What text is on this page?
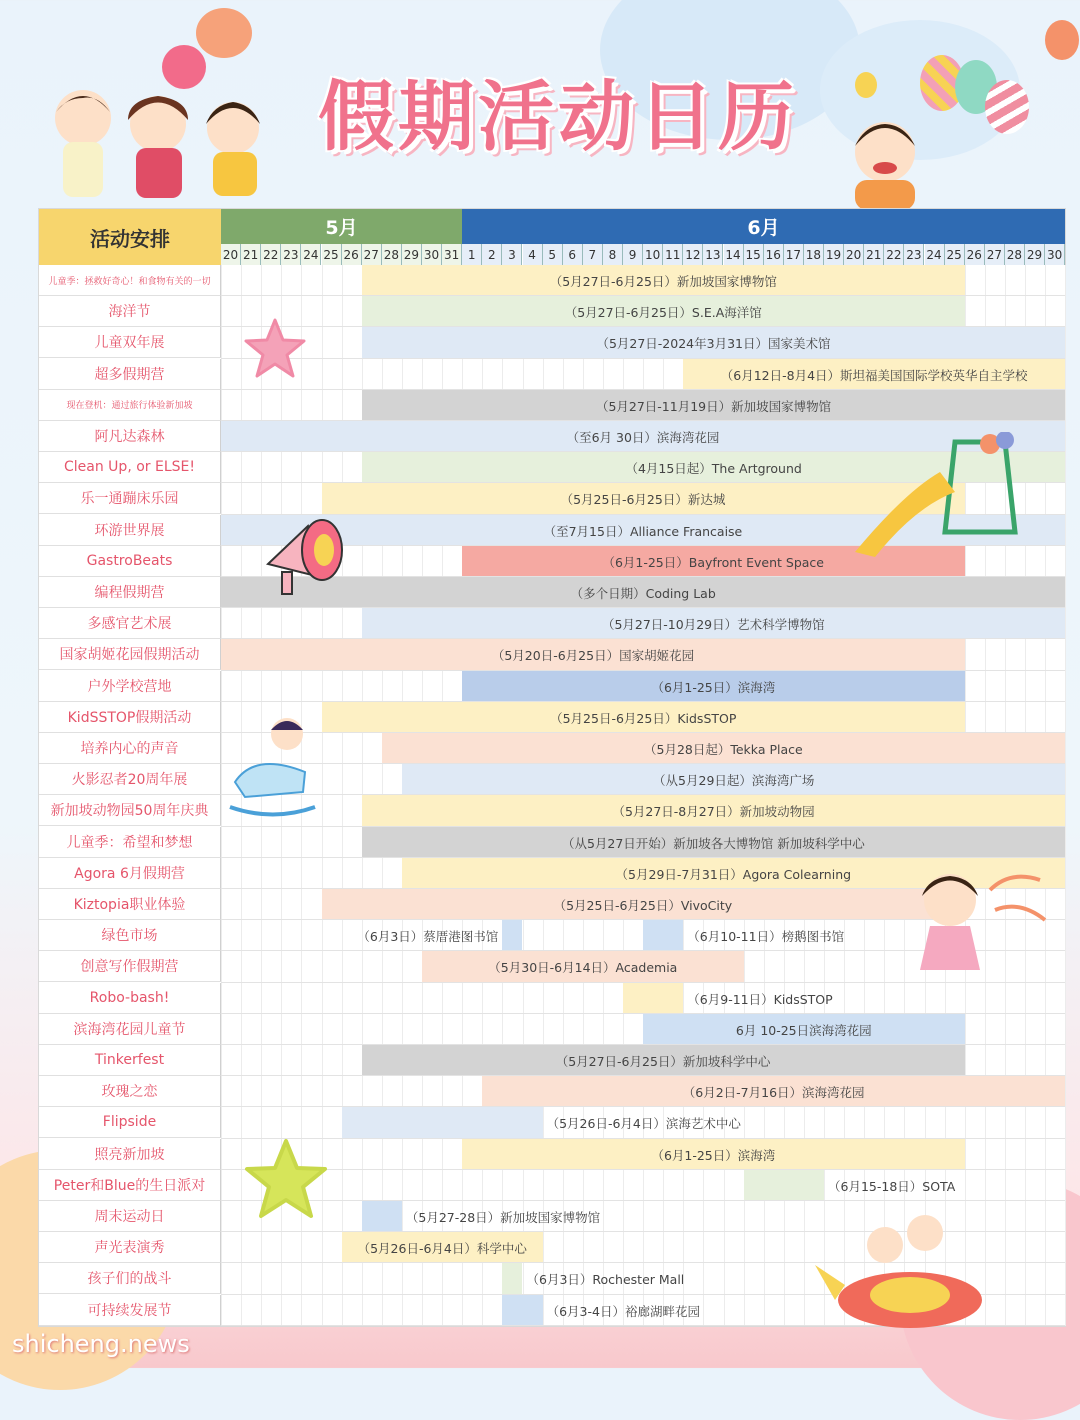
假期活动日历
活动安排	5月	6月
20 21 22 23 24 25 26 27 28 29 30 31 1	2	3	4	5	6	7	8	9 10 11 12 13 14 15 16 17 18 19 20 21 22 23 24 25 26 27 28 29 30
儿童季：拯救好奇心！和食物有关的一切	（5月27日-6月25日）新加坡国家博物馆
海洋节	（5月27日-6月25日）S.E.A海洋馆
儿童双年展	（5月27日-2024年3月31日）国家美术馆
超多假期营	（6月12日-8月4日）斯坦福美国国际学校英华自主学校
现在登机：通过旅行体验新加坡	（5月27日-11月19日）新加坡国家博物馆
阿凡达森林	（至6月 30日）滨海湾花园
Clean Up, or ELSE!	（4月15日起）The Artground
乐一通蹦床乐园	（5月25日-6月25日）新达城
环游世界展	（至7月15日）Alliance Francaise
GastroBeats	（6月1-25日）Bayfront Event Space
编程假期营	（多个日期）Coding Lab
多感官艺术展	（5月27日-10月29日）艺术科学博物馆
国家胡姬花园假期活动	（5月20日-6月25日）国家胡姬花园
户外学校营地	（6月1-25日）滨海湾
KidSSTOP假期活动	（5月25日-6月25日）KidsSTOP
培养内心的声音	（5月28日起）Tekka Place
火影忍者20周年展	（从5月29日起）滨海湾广场
新加坡动物园50周年庆典	（5月27日-8月27日）新加坡动物园
儿童季：希望和梦想	（从5月27日开始）新加坡各大博物馆 新加坡科学中心
Agora 6月假期营	（5月29日-7月31日）Agora Colearning
Kiztopia职业体验	（5月25日-6月25日）VivoCity
绿色市场	（6月3日）蔡厝港图书馆	（6月10-11日）榜鹅图书馆
创意写作假期营	（5月30日-6月14日）Academia
Robo-bash!	（6月9-11日）KidsSTOP
滨海湾花园儿童节	6月 10-25日滨海湾花园
Tinkerfest	（5月27日-6月25日）新加坡科学中心
玫瑰之恋	（6月2日-7月16日）滨海湾花园
Flipside	（5月26日-6月4日）滨海艺术中心
照亮新加坡	（6月1-25日）滨海湾
Peter和Blue的生日派对	（6月15-18日）SOTA
周末运动日	（5月27-28日）新加坡国家博物馆
声光表演秀	（5月26日-6月4日）科学中心
孩子们的战斗	（6月3日）Rochester Mall
可持续发展节	（6月3-4日）裕廊湖畔花园
shicheng.news
